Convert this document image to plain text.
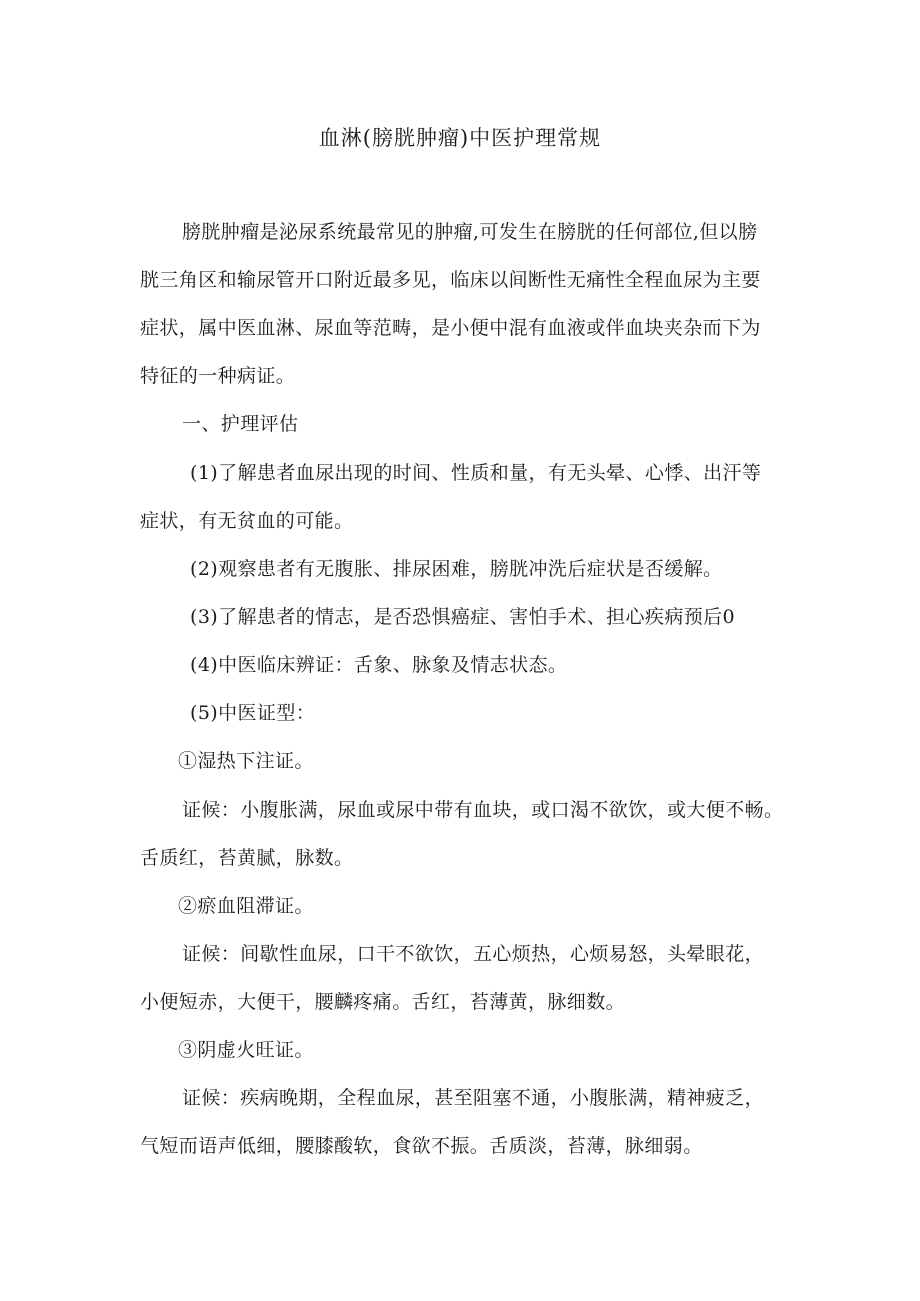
血淋(膀胱肿瘤)中医护理常规
膀胱肿瘤是泌尿系统最常见的肿瘤,可发生在膀胱的任何部位,但以膀
胱三角区和输尿管开口附近最多见，临床以间断性无痛性全程血尿为主要
症状，属中医血淋、尿血等范畴，是小便中混有血液或伴血块夹杂而下为
特征的一种病证。
一、护理评估
(1)了解患者血尿出现的时间、性质和量，有无头晕、心悸、出汗等
症状，有无贫血的可能。
(2)观察患者有无腹胀、排尿困难，膀胱冲洗后症状是否缓解。
(3)了解患者的情志，是否恐惧癌症、害怕手术、担心疾病预后0
(4)中医临床辨证：舌象、脉象及情志状态。
(5)中医证型：
①湿热下注证。
证候：小腹胀满，尿血或尿中带有血块，或口渴不欲饮，或大便不畅。
舌质红，苔黄腻，脉数。
②瘀血阻滞证。
证候：间歇性血尿，口干不欲饮，五心烦热，心烦易怒，头晕眼花，
小便短赤，大便干，腰麟疼痛。舌红，苔薄黄，脉细数。
③阴虚火旺证。
证候：疾病晚期，全程血尿，甚至阻塞不通，小腹胀满，精神疲乏，
气短而语声低细，腰膝酸软，食欲不振。舌质淡，苔薄，脉细弱。
